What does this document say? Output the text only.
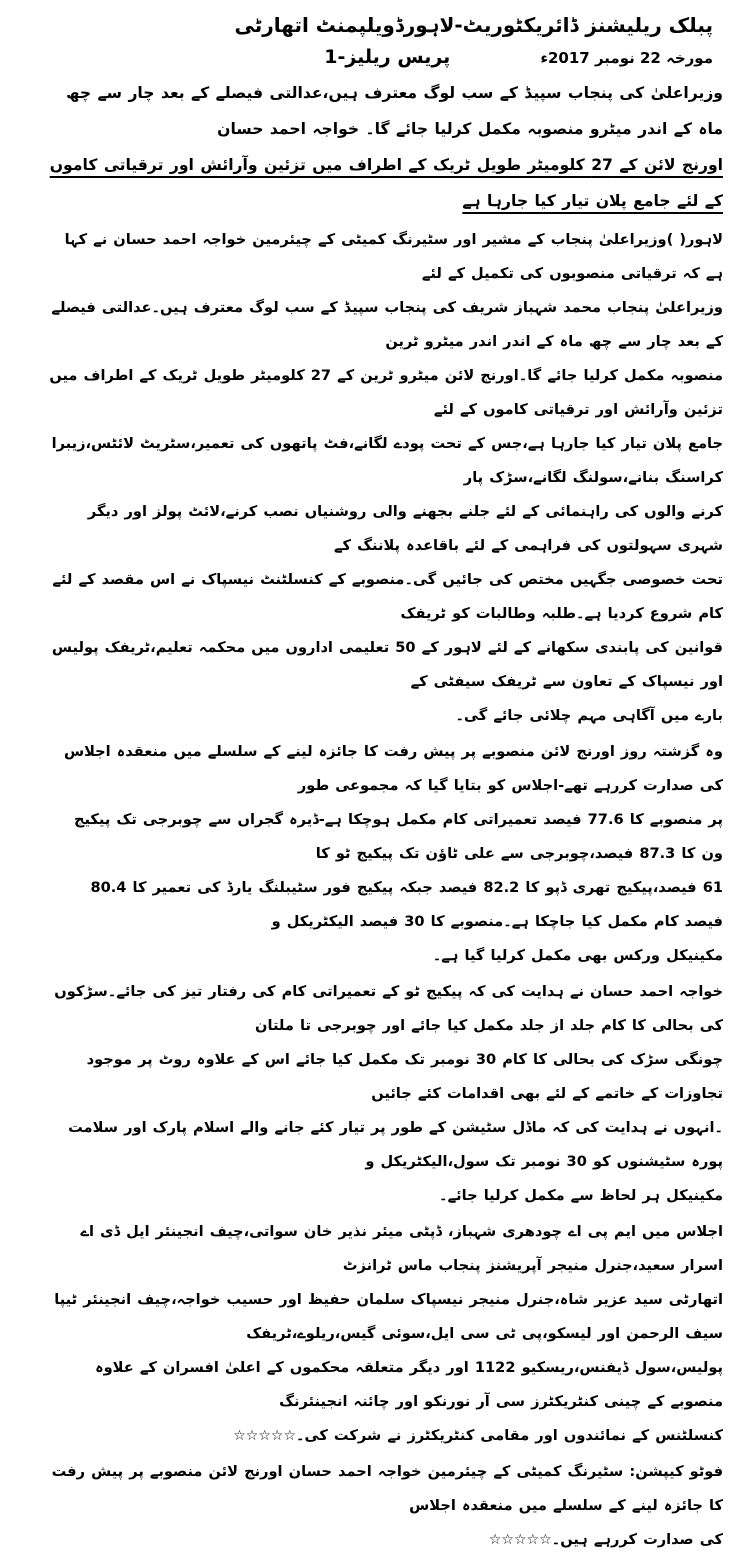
پبلک ریلیشنز ڈائریکٹوریٹ-لاہورڈویلپمنٹ اتھارٹی
مورخہ 22 نومبر 2017ء
پریس ریلیز-1
وزیراعلیٰ کی پنجاب سپیڈ کے سب لوگ معترف ہیں،عدالتی فیصلے کے بعد چار سے چھ ماہ کے اندر میٹرو منصوبہ مکمل کرلیا جائے گا۔ خواجہ احمد حسان
اورنج لائن کے 27 کلومیٹر طویل ٹریک کے اطراف میں تزئین وآرائش اور ترقیاتی کاموں کے لئے جامع پلان تیار کیا جارہا ہے
لاہور( )وزیراعلیٰ پنجاب کے مشیر اور سٹیرنگ کمیٹی کے چیئرمین خواجہ احمد حسان نے کہا ہے کہ ترقیاتی منصوبوں کی تکمیل کے لئے
وزیراعلیٰ پنجاب محمد شہباز شریف کی پنجاب سپیڈ کے سب لوگ معترف ہیں۔عدالتی فیصلے کے بعد چار سے چھ ماہ کے اندر اندر میٹرو ٹرین
منصوبہ مکمل کرلیا جائے گا۔اورنج لائن میٹرو ٹرین کے 27 کلومیٹر طویل ٹریک کے اطراف میں تزئین وآرائش اور ترقیاتی کاموں کے لئے
جامع پلان تیار کیا جارہا ہے،جس کے تحت پودے لگانے،فٹ پاتھوں کی تعمیر،سٹریٹ لائٹس،زیبرا کراسنگ بنانے،سولنگ لگانے،سڑک پار
کرنے والوں کی راہنمائی کے لئے جلنے بجھنے والی روشنیاں نصب کرنے،لائٹ پولز اور دیگر شہری سہولتوں کی فراہمی کے لئے باقاعدہ پلاننگ کے
تحت خصوصی جگہیں مختص کی جائیں گی۔منصوبے کے کنسلٹنٹ نیسپاک نے اس مقصد کے لئے کام شروع کردیا ہے۔طلبہ وطالبات کو ٹریفک
قوانین کی پابندی سکھانے کے لئے لاہور کے 50 تعلیمی اداروں میں محکمہ تعلیم،ٹریفک پولیس اور نیسپاک کے تعاون سے ٹریفک سیفٹی کے
بارے میں آگاہی مہم چلائی جائے گی۔
وہ گزشتہ روز اورنج لائن منصوبے پر پیش رفت کا جائزہ لینے کے سلسلے میں منعقدہ اجلاس کی صدارت کررہے تھے-اجلاس کو بتایا گیا کہ مجموعی طور
پر منصوبے کا 77.6 فیصد تعمیراتی کام مکمل ہوچکا ہے-ڈیرہ گجراں سے چوبرجی تک پیکیج ون کا 87.3 فیصد،چوبرجی سے علی ٹاؤن تک پیکیج ٹو کا
61 فیصد،پیکیج تھری ڈپو کا 82.2 فیصد جبکہ پیکیج فور سٹیبلنگ یارڈ کی تعمیر کا 80.4 فیصد کام مکمل کیا جاچکا ہے۔منصوبے کا 30 فیصد الیکٹریکل و
مکینیکل ورکس بھی مکمل کرلیا گیا ہے۔
خواجہ احمد حسان نے ہدایت کی کہ پیکیج ٹو کے تعمیراتی کام کی رفتار تیز کی جائے۔سڑکوں کی بحالی کا کام جلد از جلد مکمل کیا جائے اور چوبرجی تا ملتان
چونگی سڑک کی بحالی کا کام 30 نومبر تک مکمل کیا جائے اس کے علاوہ روٹ پر موجود تجاوزات کے خاتمے کے لئے بھی اقدامات کئے جائیں
۔انہوں نے ہدایت کی کہ ماڈل سٹیشن کے طور پر تیار کئے جانے والے اسلام پارک اور سلامت پورہ سٹیشنوں کو 30 نومبر تک سول،الیکٹریکل و
مکینیکل ہر لحاظ سے مکمل کرلیا جائے۔
اجلاس میں ایم پی اے چودھری شہباز، ڈپٹی میئر نذیر خان سواتی،چیف انجینئر ایل ڈی اے اسرار سعید،جنرل منیجر آپریشنز پنجاب ماس ٹرانزٹ
اتھارٹی سید عزیر شاہ،جنرل منیجر نیسپاک سلمان حفیظ اور حسیب خواجہ،چیف انجینئر ٹیپا سیف الرحمن اور لیسکو،پی ٹی سی ایل،سوئی گیس،ریلوے،ٹریفک
پولیس،سول ڈیفنس،ریسکیو 1122 اور دیگر متعلقہ محکموں کے اعلیٰ افسران کے علاوہ منصوبے کے چینی کنٹریکٹرز سی آر نورنکو اور چائنہ انجینئرنگ
کنسلٹنس کے نمائندوں اور مقامی کنٹریکٹرز نے شرکت کی۔☆☆☆☆☆
فوٹو کیپشن: سٹیرنگ کمیٹی کے چیئرمین خواجہ احمد حسان اورنج لائن منصوبے پر پیش رفت کا جائزہ لینے کے سلسلے میں منعقدہ اجلاس
کی صدارت کررہے ہیں۔☆☆☆☆☆
